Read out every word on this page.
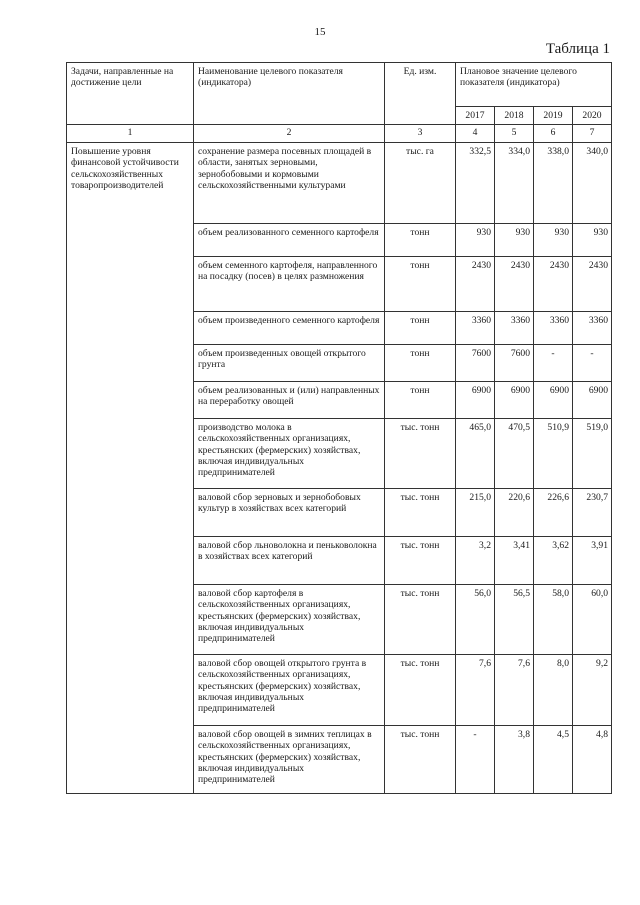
15
Таблица 1
Задачи, направленные на достижение цели	Наименование целевого показателя (индикатора)	Ед. изм.	Плановое значение целевого показателя (индикатора)			
			2017	2018	2019	2020
1	2	3	4	5	6	7
Повышение уровня финансовой устойчивости сельскохозяйственных товаропроизводителей	сохранение размера посевных площадей в области, занятых зерновыми, зернобобовыми и кормовыми сельскохозяйственными культурами	тыс. га	332,5	334,0	338,0	340,0
	объем реализованного семенного картофеля	тонн	930	930	930	930
	объем семенного картофеля, направленного на посадку (посев) в целях размножения	тонн	2430	2430	2430	2430
	объем произведенного семенного картофеля	тонн	3360	3360	3360	3360
	объем произведенных овощей открытого грунта	тонн	7600	7600	-	-
	объем реализованных и (или) направленных на переработку овощей	тонн	6900	6900	6900	6900
	производство молока в сельскохозяйственных организациях, крестьянских (фермерских) хозяйствах, включая индивидуальных предпринимателей	тыс. тонн	465,0	470,5	510,9	519,0
	валовой сбор зерновых и зернобобовых культур в хозяйствах всех категорий	тыс. тонн	215,0	220,6	226,6	230,7
	валовой сбор льноволокна и пеньковолокна в хозяйствах всех категорий	тыс. тонн	3,2	3,41	3,62	3,91
	валовой сбор картофеля в сельскохозяйственных организациях, крестьянских (фермерских) хозяйствах, включая индивидуальных предпринимателей	тыс. тонн	56,0	56,5	58,0	60,0
	валовой сбор овощей открытого грунта в сельскохозяйственных организациях, крестьянских (фермерских) хозяйствах, включая индивидуальных предпринимателей	тыс. тонн	7,6	7,6	8,0	9,2
	валовой сбор овощей в зимних теплицах в сельскохозяйственных организациях, крестьянских (фермерских) хозяйствах, включая индивидуальных предпринимателей	тыс. тонн	-	3,8	4,5	4,8
